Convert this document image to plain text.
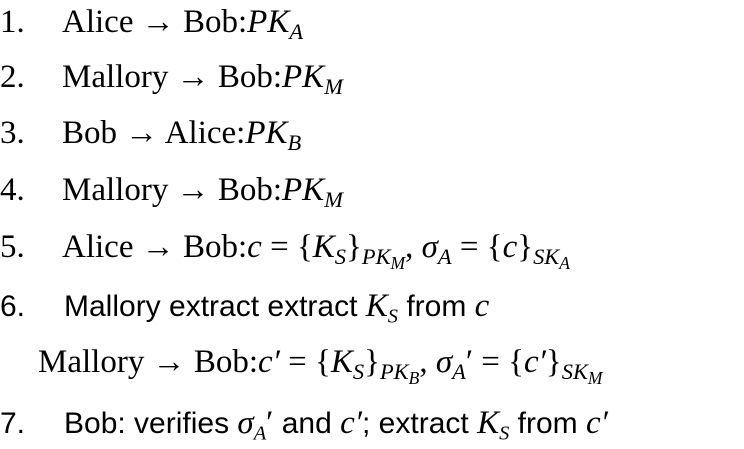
1. Alice → $Bob:PK_A$
2. Mallory → $Bob:PK_M$
3. Bob → $Alice:PK_B$
4. Mallory → $Bob:PK_M$
5. Alice → Bob:c = $\{K_S\}_{PK_M}$, $\sigma_A = \{c\}_{SK_A}$
6. Mallory extract extract $K_S$ from c
Mallory → Bob:c′ = $\{K_S\}_{PK_B}$, $\sigma_A' = \{c'\}_{SK_M}$
7. Bob: verifies $\sigma_A'$ and c′; extract $K_S$ from c′
